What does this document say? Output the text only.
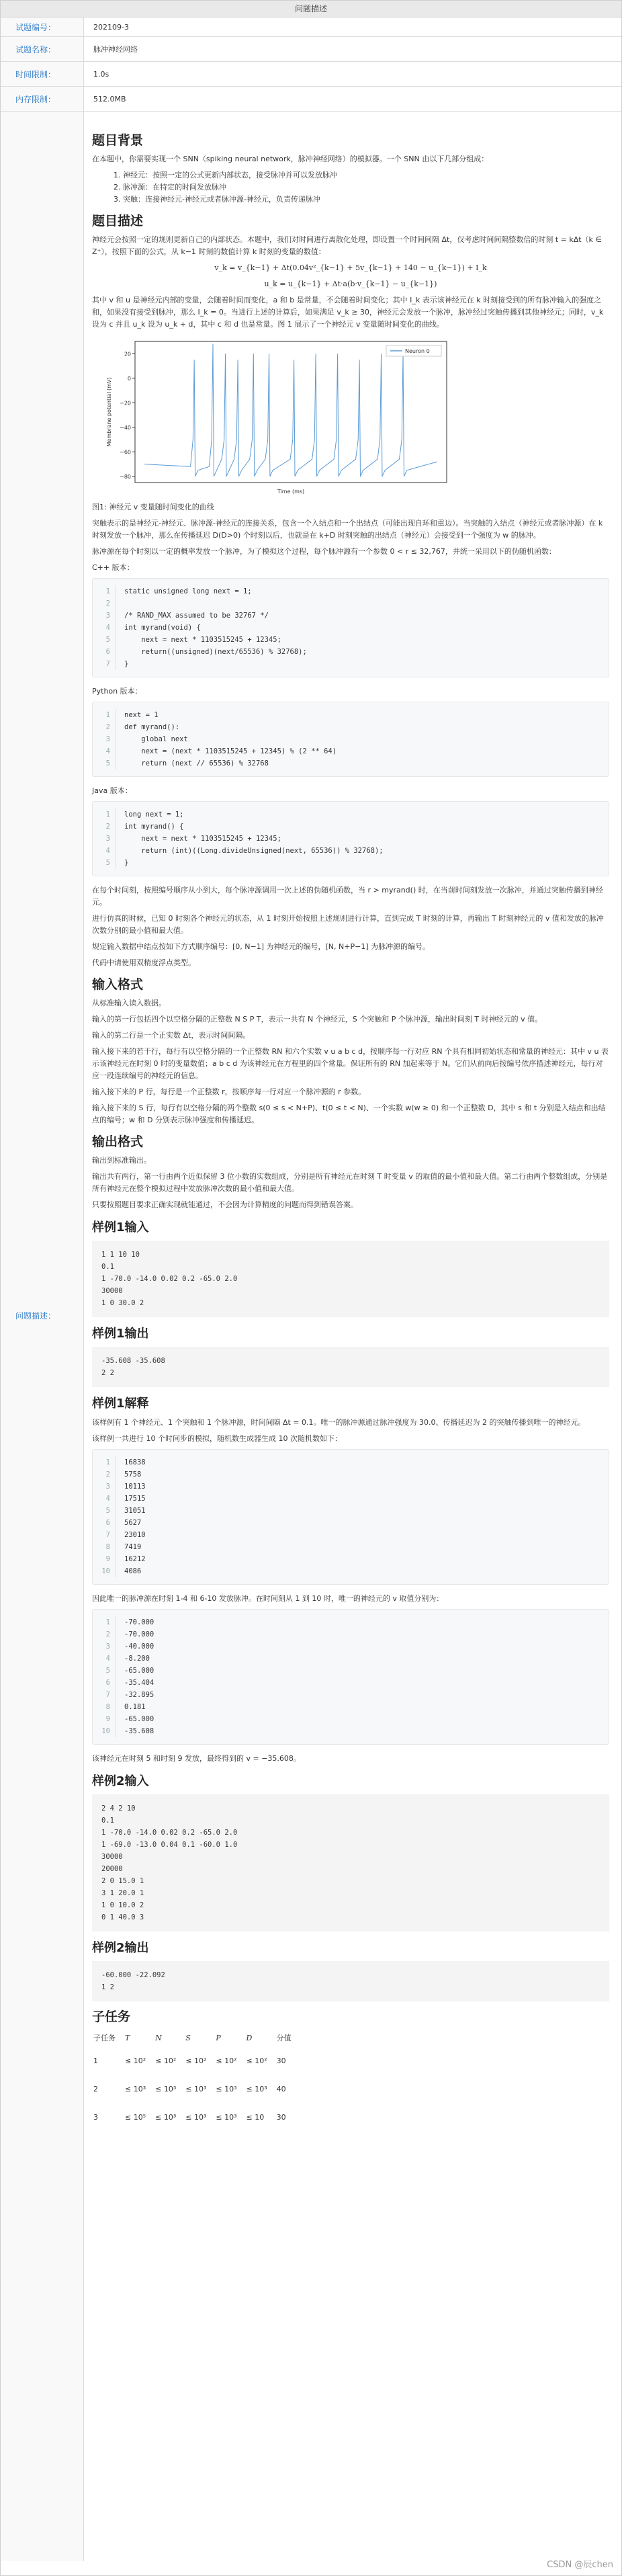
问题描述
试题编号：	202109-3
试题名称：	脉冲神经网络
时间限制：	1.0s
内存限制：	512.0MB
问题描述：
题目背景

在本题中，你需要实现一个 SNN（spiking neural network，脉冲神经网络）的模拟器。一个 SNN 由以下几部分组成：

1. 神经元：按照一定的公式更新内部状态，接受脉冲并可以发放脉冲
2. 脉冲源：在特定的时间发放脉冲
3. 突触：连接神经元-神经元或者脉冲源-神经元，负责传递脉冲
题目描述

神经元会按照一定的规则更新自己的内部状态。本题中，我们对时间进行离散化处理，即设置一个时间间隔 Δt，仅考虑时间间隔整数倍的时刻 t = kΔt（k ∈ Z⁺），按照下面的公式，从 k−1 时刻的数值计算 k 时刻的变量的数值：

v_k = v_{k−1} + Δt(0.04v²_{k−1} + 5v_{k−1} + 140 − u_{k−1}) + I_k
u_k = u_{k−1} + Δt·a(b·v_{k−1} − u_{k−1})

其中 v 和 u 是神经元内部的变量，会随着时间而变化，a 和 b 是常量，不会随着时间变化；其中 I_k 表示该神经元在 k 时刻接受到的所有脉冲输入的强度之和，如果没有接受到脉冲，那么 I_k = 0。当进行上述的计算后，如果满足 v_k ≥ 30，神经元会发放一个脉冲，脉冲经过突触传播到其他神经元；同时，v_k 设为 c 并且 u_k 设为 u_k + d，其中 c 和 d 也是常量。图 1 展示了一个神经元 v 变量随时间变化的曲线。

20
0
−20
−40
−60
−80
Membrane potential (mV)
Time (ms)
Neuron 0

图1: 神经元 v 变量随时间变化的曲线

突触表示的是神经元-神经元、脉冲源-神经元的连接关系，包含一个入结点和一个出结点（可能出现自环和重边）。当突触的入结点（神经元或者脉冲源）在 k 时刻发放一个脉冲，那么在传播延迟 D(D>0) 个时刻以后，也就是在 k+D 时刻突触的出结点（神经元）会接受到一个强度为 w 的脉冲。

脉冲源在每个时刻以一定的概率发放一个脉冲，为了模拟这个过程，每个脉冲源有一个参数 0 < r ≤ 32,767，并统一采用以下的伪随机函数：

C++ 版本：

1	static unsigned long next = 1;
2
3	/* RAND_MAX assumed to be 32767 */
4	int myrand(void) {
5	next = next * 1103515245 + 12345;
6	return((unsigned)(next/65536) % 32768);
7	}

Python 版本：

1	next = 1
2	def myrand():
3	global next
4	next = (next * 1103515245 + 12345) % (2 ** 64)
5	return (next // 65536) % 32768

Java 版本：

1	long next = 1;
2	int myrand() {
3	next = next * 1103515245 + 12345;
4	return (int)((Long.divideUnsigned(next, 65536)) % 32768);
5	}

在每个时间刻，按照编号顺序从小到大，每个脉冲源调用一次上述的伪随机函数，当 r > myrand() 时，在当前时间刻发放一次脉冲，并通过突触传播到神经元。

进行仿真的时候，已知 0 时刻各个神经元的状态，从 1 时刻开始按照上述规则进行计算，直到完成 T 时刻的计算，再输出 T 时刻神经元的 v 值和发放的脉冲次数分别的最小值和最大值。

规定输入数据中结点按如下方式顺序编号：[0, N−1] 为神经元的编号，[N, N+P−1] 为脉冲源的编号。

代码中请使用双精度浮点类型。

输入格式

从标准输入读入数据。

输入的第一行包括四个以空格分隔的正整数 N S P T，表示一共有 N 个神经元，S 个突触和 P 个脉冲源，输出时间刻 T 时神经元的 v 值。

输入的第二行是一个正实数 Δt，表示时间间隔。

输入接下来的若干行，每行有以空格分隔的一个正整数 RN 和六个实数 v u a b c d，按顺序每一行对应 RN 个具有相同初始状态和常量的神经元：其中 v u 表示该神经元在时刻 0 时的变量数值；a b c d 为该神经元在方程里的四个常量。保证所有的 RN 加起来等于 N。它们从前向后按编号依序描述神经元，每行对应一段连续编号的神经元的信息。

输入接下来的 P 行，每行是一个正整数 r，按顺序每一行对应一个脉冲源的 r 参数。

输入接下来的 S 行，每行有以空格分隔的两个整数 s(0 ≤ s < N+P)、t(0 ≤ t < N)、一个实数 w(w ≥ 0) 和一个正整数 D，其中 s 和 t 分别是入结点和出结点的编号；w 和 D 分别表示脉冲强度和传播延迟。

输出格式

输出到标准输出。

输出共有两行，第一行由两个近似保留 3 位小数的实数组成，分别是所有神经元在时刻 T 时变量 v 的取值的最小值和最大值。第二行由两个整数组成，分别是所有神经元在整个模拟过程中发放脉冲次数的最小值和最大值。

只要按照题目要求正确实现就能通过，不会因为计算精度的问题而得到错误答案。

样例1输入
1 1 10 10
0.1
1 -70.0 -14.0 0.02 0.2 -65.0 2.0
30000
1 0 30.0 2
样例1输出
-35.608 -35.608
2 2
样例1解释

该样例有 1 个神经元、1 个突触和 1 个脉冲源，时间间隔 Δt = 0.1。唯一的脉冲源通过脉冲强度为 30.0、传播延迟为 2 的突触传播到唯一的神经元。

该样例一共进行 10 个时间步的模拟，随机数生成器生成 10 次随机数如下：

1	16838
2	5758
3	10113
4	17515
5	31051
6	5627
7	23010
8	7419
9	16212
10	4086

因此唯一的脉冲源在时刻 1-4 和 6-10 发放脉冲。在时间刻从 1 到 10 时，唯一的神经元的 v 取值分别为：

1	-70.000
2	-70.000
3	-40.000
4	-8.200
5	-65.000
6	-35.404
7	-32.895
8	0.181
9	-65.000
10	-35.608

该神经元在时刻 5 和时刻 9 发放，最终得到的 v = −35.608。

样例2输入
2 4 2 10
0.1
1 -70.0 -14.0 0.02 0.2 -65.0 2.0
1 -69.0 -13.0 0.04 0.1 -60.0 1.0
30000
20000
2 0 15.0 1
3 1 20.0 1
1 0 10.0 2
0 1 40.0 3
样例2输出
-60.000 -22.092
1 2
子任务
子任务	T	N	S	P	D	分值
1	≤ 10²	≤ 10²	≤ 10²	≤ 10²	≤ 10²	30
2	≤ 10³	≤ 10³	≤ 10³	≤ 10³	≤ 10³	40
3	≤ 10⁵	≤ 10³	≤ 10³	≤ 10³	≤ 10	30
CSDN @辰chen
